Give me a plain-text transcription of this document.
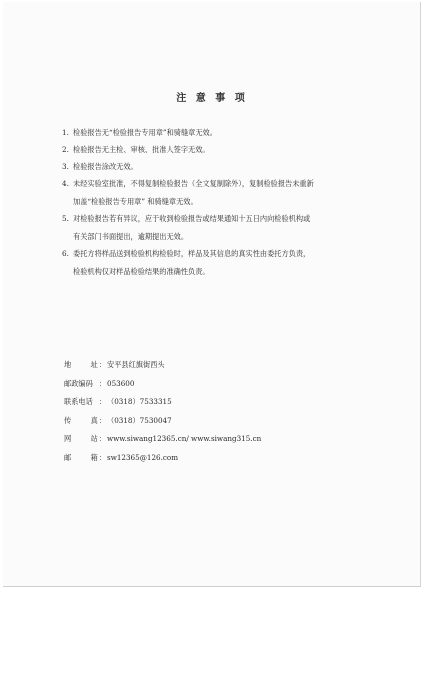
注 意 事 项
1. 检验报告无“检验报告专用章”和骑缝章无效。
2. 检验报告无主检、审核、批准人签字无效。
3. 检验报告涂改无效。
4. 未经实验室批准，不得复制检验报告（全文复制除外），复制检验报告未重新
加盖“检验报告专用章” 和骑缝章无效。
5. 对检验报告若有异议，应于收到检验报告或结果通知十五日内向检验机构或
有关部门书面提出，逾期提出无效。
6. 委托方将样品送到检验机构检验时，样品及其信息的真实性由委托方负责，
检验机构仅对样品检验结果的准确性负责。
地	址： 安平县红旗街西头
邮政编码 ： 053600
联系电话 ： （0318）7533315
传	真： （0318）7530047
网	站： www.siwang12365.cn/ www.siwang315.cn
邮	箱： sw12365@126.com
